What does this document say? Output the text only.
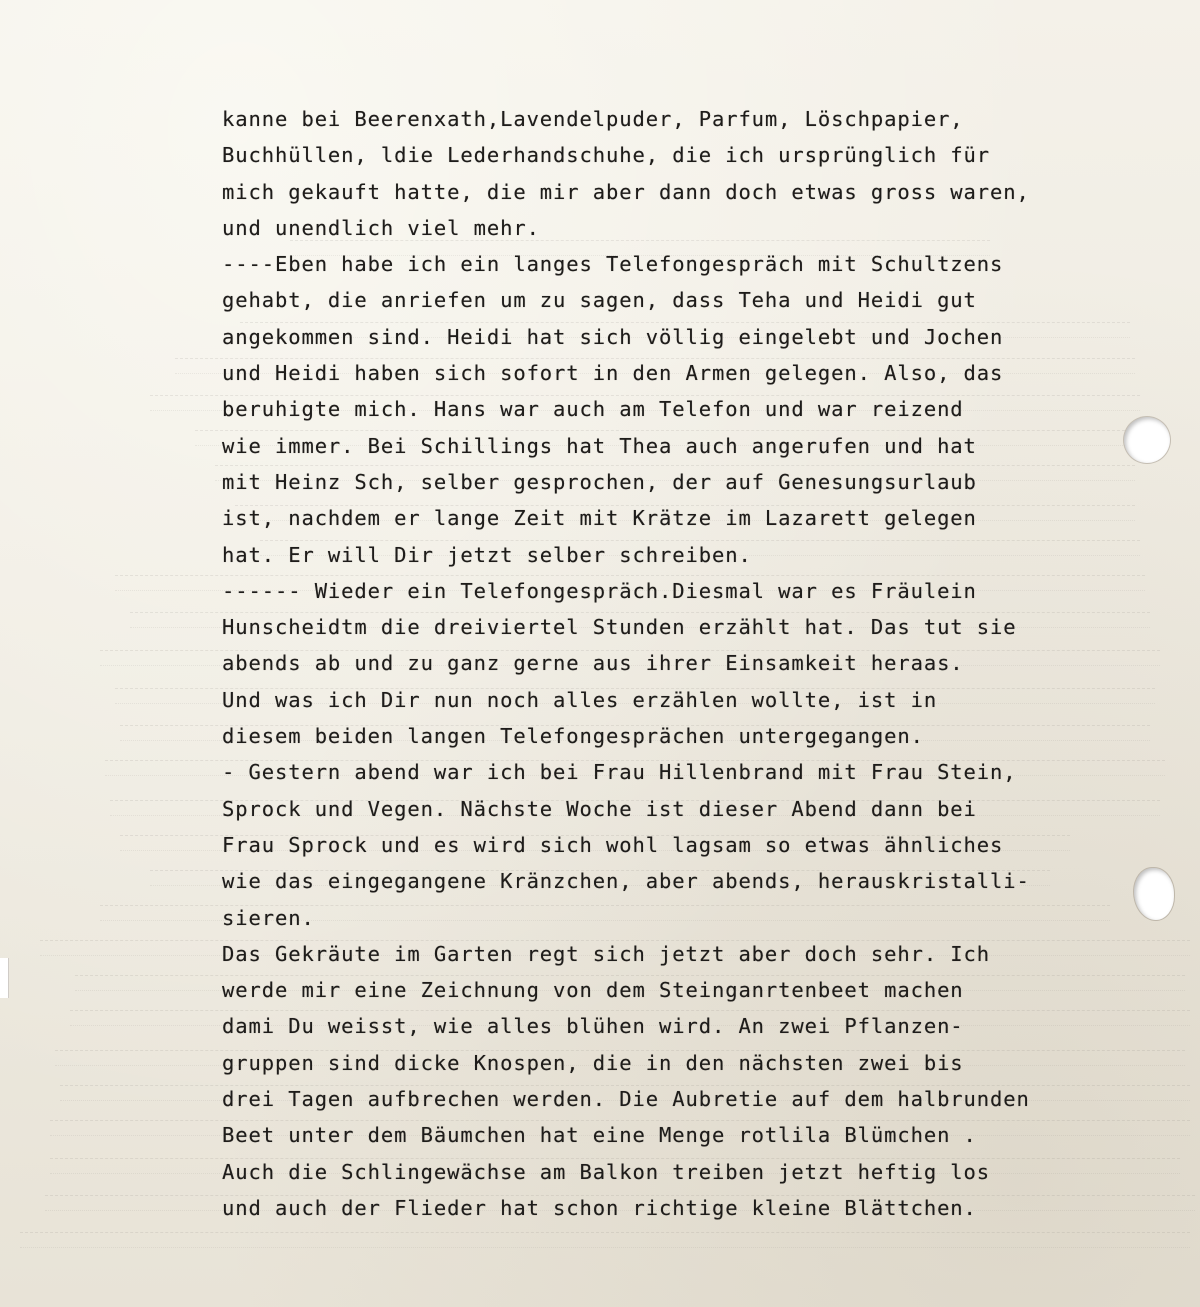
kanne bei Beerenxath,Lavendelpuder, Parfum, Löschpapier,
Buchhüllen, ldie Lederhandschuhe, die ich ursprünglich für
mich gekauft hatte, die mir aber dann doch etwas gross waren,
und unendlich viel mehr.
----Eben habe ich ein langes Telefongespräch mit Schultzens
gehabt, die anriefen um zu sagen, dass Teha und Heidi gut
angekommen sind. Heidi hat sich völlig eingelebt und Jochen
und Heidi haben sich sofort in den Armen gelegen. Also, das
beruhigte mich. Hans war auch am Telefon und war reizend
wie immer. Bei Schillings hat Thea auch angerufen und hat
mit Heinz Sch, selber gesprochen, der auf Genesungsurlaub
ist, nachdem er lange Zeit mit Krätze im Lazarett gelegen
hat. Er will Dir jetzt selber schreiben.
------ Wieder ein Telefongespräch.Diesmal war es Fräulein
Hunscheidtm die dreiviertel Stunden erzählt hat. Das tut sie
abends ab und zu ganz gerne aus ihrer Einsamkeit heraas.
Und was ich Dir nun noch alles erzählen wollte, ist in
diesem beiden langen Telefongesprächen untergegangen.
- Gestern abend war ich bei Frau Hillenbrand mit Frau Stein,
Sprock und Vegen. Nächste Woche ist dieser Abend dann bei
Frau Sprock und es wird sich wohl lagsam so etwas ähnliches
wie das eingegangene Kränzchen, aber abends, herauskristalli-
sieren.
Das Gekräute im Garten regt sich jetzt aber doch sehr. Ich
werde mir eine Zeichnung von dem Steinganrtenbeet machen
dami Du weisst, wie alles blühen wird. An zwei Pflanzen-
gruppen sind dicke Knospen, die in den nächsten zwei bis
drei Tagen aufbrechen werden. Die Aubretie auf dem halbrunden
Beet unter dem Bäumchen hat eine Menge rotlila Blümchen .
Auch die Schlingewächse am Balkon treiben jetzt heftig los
und auch der Flieder hat schon richtige kleine Blättchen.
